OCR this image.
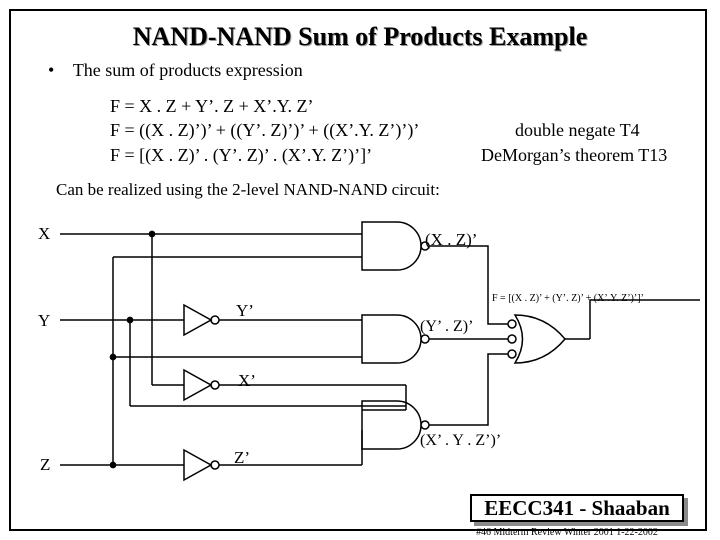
NAND-NAND Sum of Products Example
• The sum of products expression
F = X . Z + Y’. Z + X’.Y. Z’
F = ((X . Z)’)’ + ((Y’. Z)’)’ + ((X’.Y. Z’)’)’	double negate T4
F = [(X . Z)’ . (Y’. Z)’ . (X’.Y. Z’)’]’	DeMorgan’s theorem T13
Can be realized using the 2-level NAND-NAND circuit:
X
Y
Z
Y’
X’
Z’
(X . Z)’
(Y’ . Z)’
(X’ . Y . Z’)’
F = [(X . Z)’ + (Y’. Z)’ + (X’.Y. Z’)’]’
EECC341 - Shaaban
#46 Midterm Review Winter 2001 1-22-2002
